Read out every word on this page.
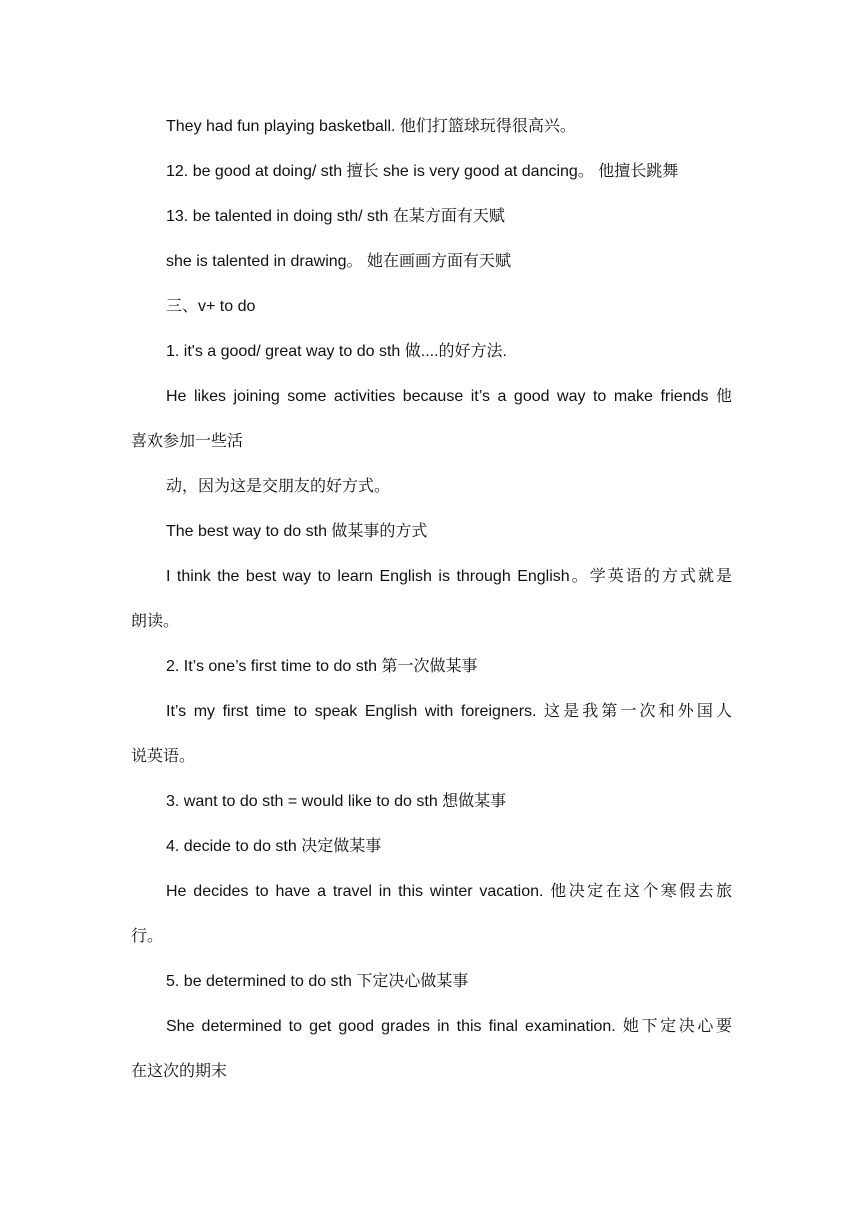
They had fun playing basketball. 他们打篮球玩得很高兴。
12. be good at doing/ sth 擅长 she is very good at dancing。 他擅长跳舞
13. be talented in doing sth/ sth 在某方面有天赋
she is talented in drawing。 她在画画方面有天赋
三、v+ to do
1. it's a good/ great way to do sth 做....的好方法.
He likes joining some activities because it’s a good way to make friends 他
喜欢参加一些活
动，因为这是交朋友的好方式。
The best way to do sth 做某事的方式
I think the best way to learn English is through English。学英语的方式就是
朗读。
2. It’s one’s first time to do sth 第一次做某事
It’s my first time to speak English with foreigners. 这是我第一次和外国人
说英语。
3. want to do sth = would like to do sth 想做某事
4. decide to do sth 决定做某事
He decides to have a travel in this winter vacation. 他决定在这个寒假去旅
行。
5. be determined to do sth 下定决心做某事
She determined to get good grades in this final examination. 她下定决心要
在这次的期末
